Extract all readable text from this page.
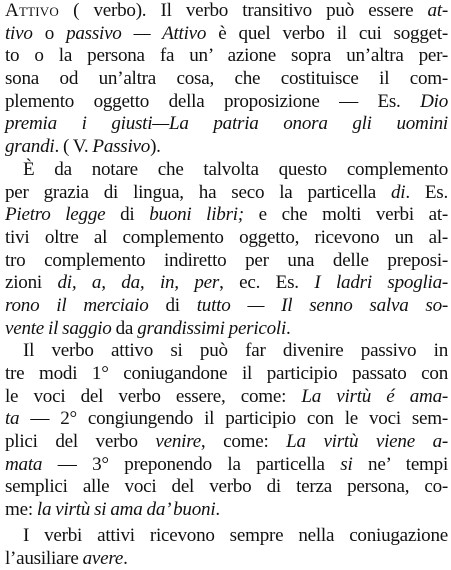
Attivo ( verbo). Il verbo transitivo può essere at-
tivo o passivo — Attivo è quel verbo il cui sogget-
to o la persona fa un’ azione sopra un’altra per-
sona od un’altra cosa, che costituisce il com-
plemento oggetto della proposizione — Es. Dio
premia i giusti—La patria onora gli uomini
grandi. ( V. Passivo).
È da notare che talvolta questo complemento
per grazia di lingua, ha seco la particella di. Es.
Pietro legge di buoni libri; e che molti verbi at-
tivi oltre al complemento oggetto, ricevono un al-
tro complemento indiretto per una delle preposi-
zioni di, a, da, in, per, ec. Es. I ladri spoglia-
rono il merciaio di tutto — Il senno salva so-
vente il saggio da grandissimi pericoli.
Il verbo attivo si può far divenire passivo in
tre modi 1° coniugandone il participio passato con
le voci del verbo essere, come: La virtù é ama-
ta — 2° congiungendo il participio con le voci sem-
plici del verbo venire, come: La virtù viene a-
mata — 3° preponendo la particella si ne’ tempi
semplici alle voci del verbo di terza persona, co-
me: la virtù si ama da’ buoni.
I verbi attivi ricevono sempre nella coniugazione
l’ausiliare avere.
